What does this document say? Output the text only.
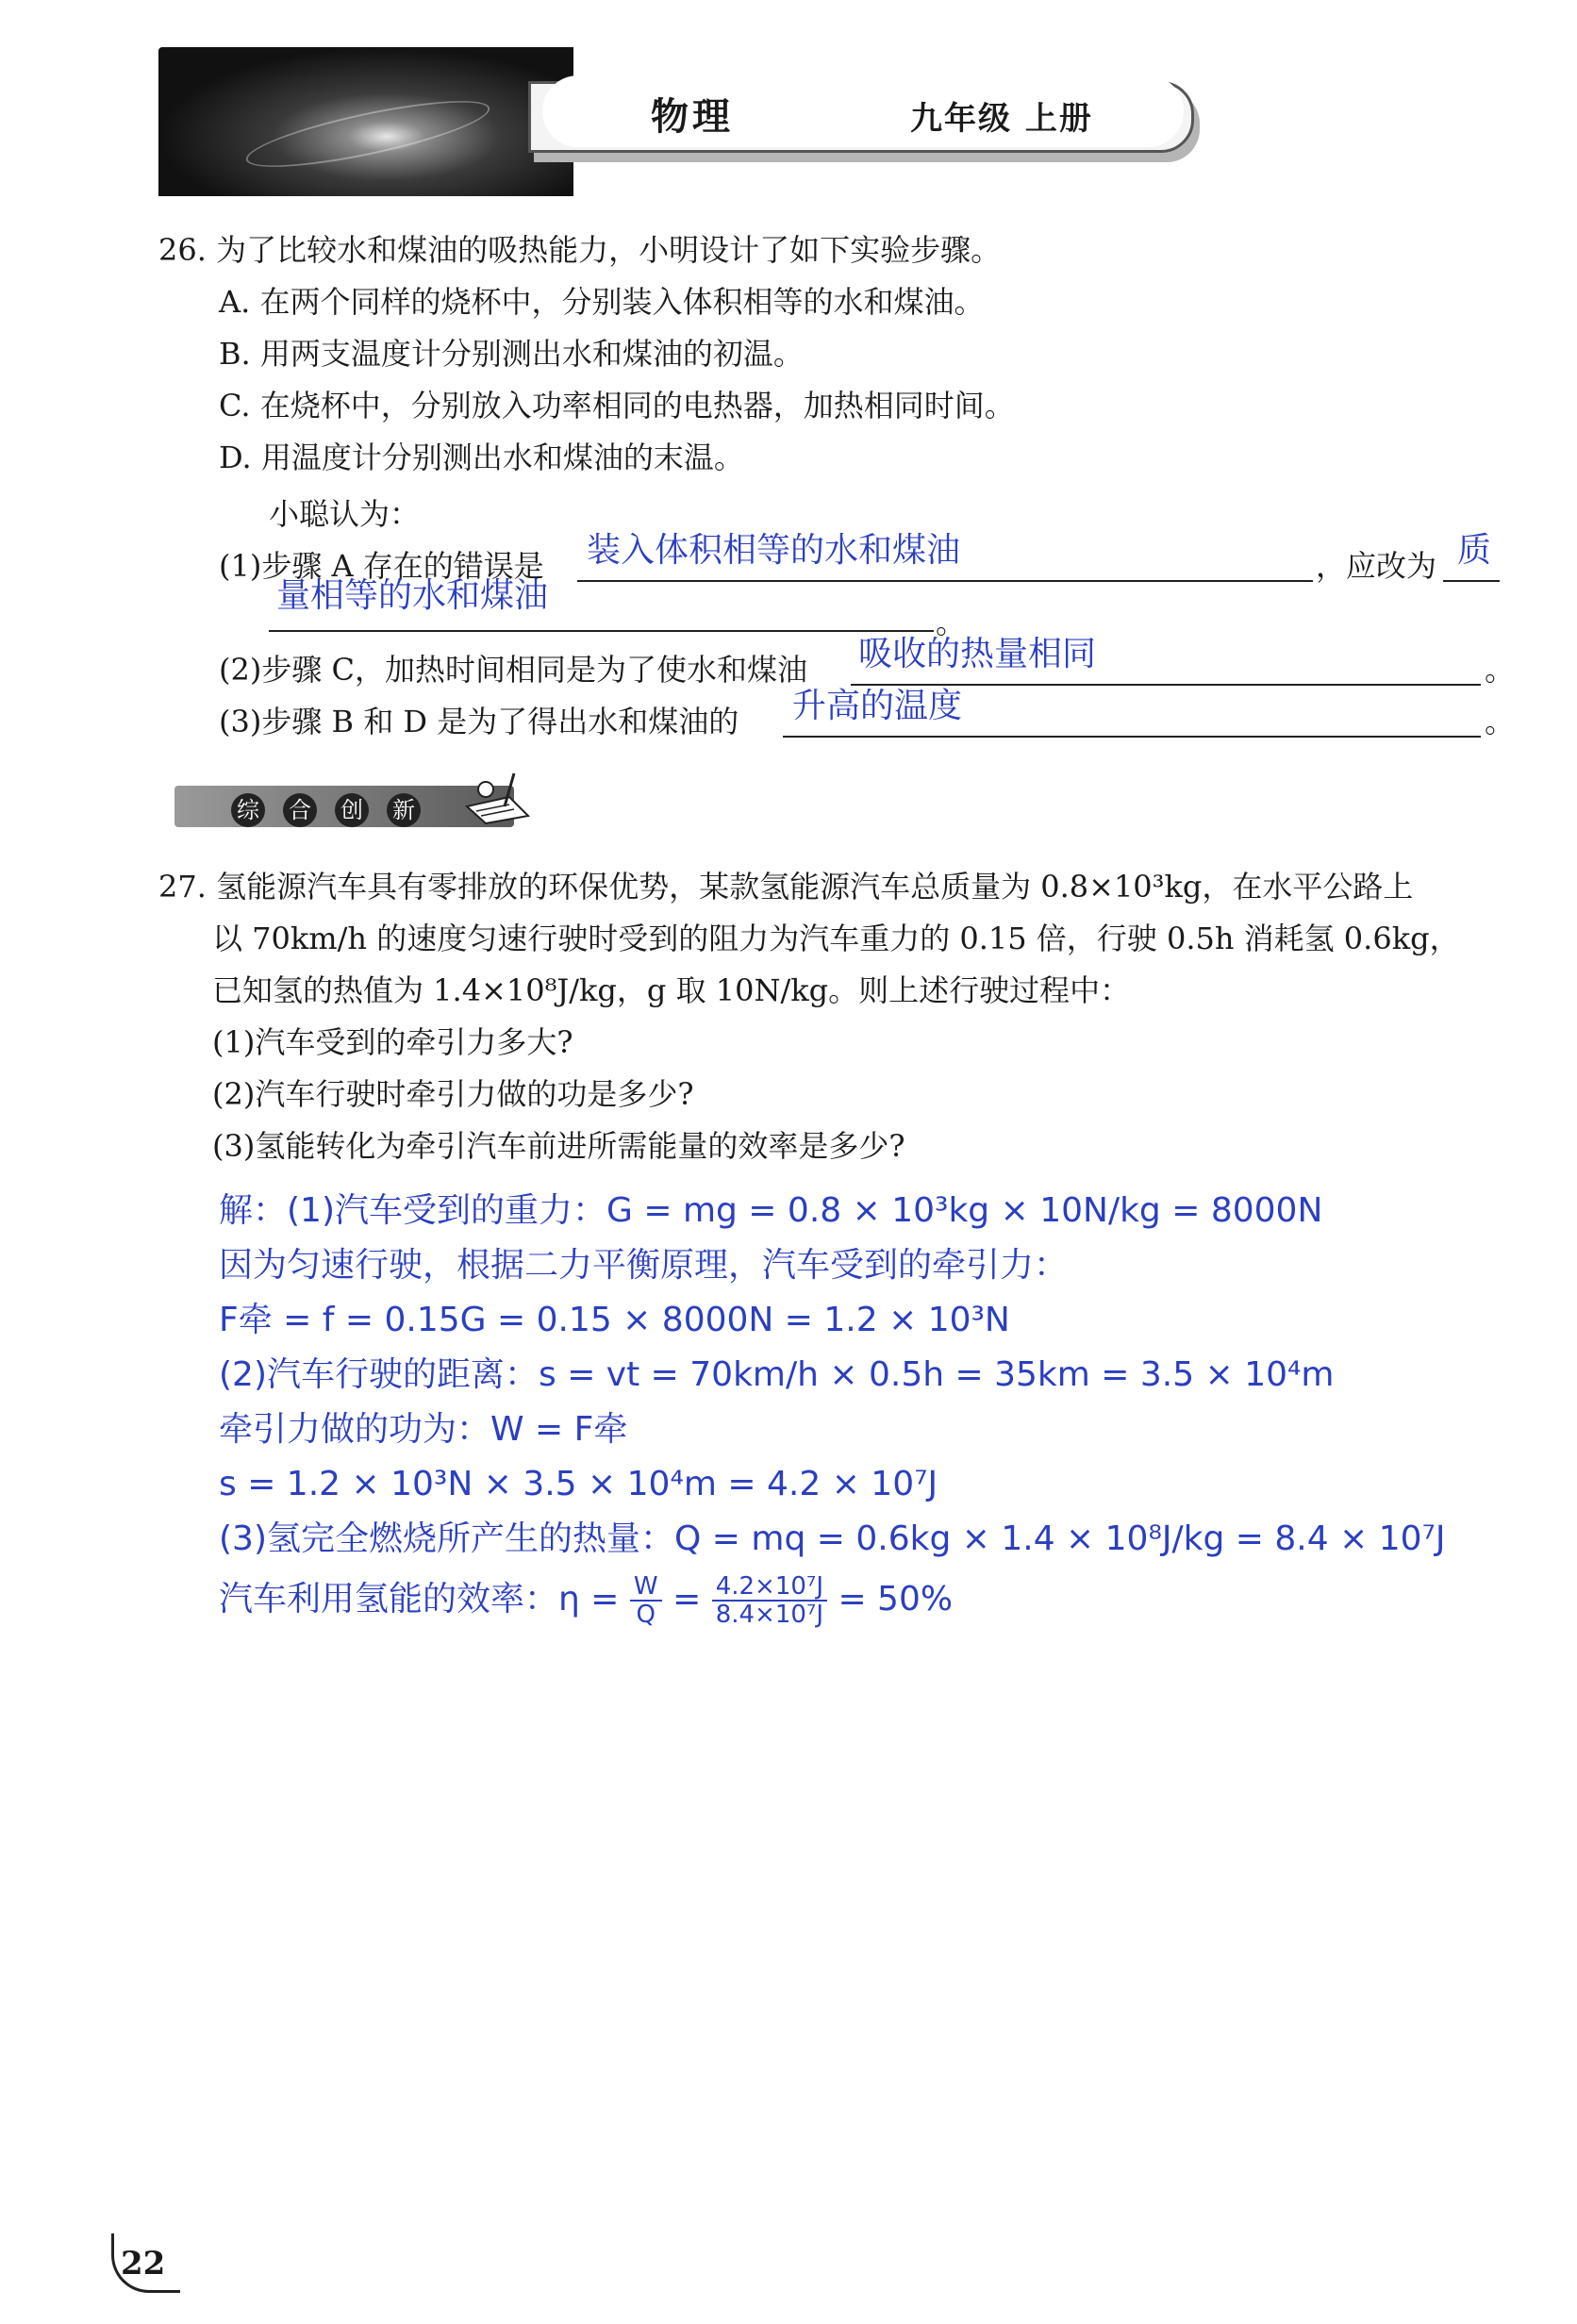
物理	九年级 上册
26. 为了比较水和煤油的吸热能力，小明设计了如下实验步骤。
A. 在两个同样的烧杯中，分别装入体积相等的水和煤油。
B. 用两支温度计分别测出水和煤油的初温。
C. 在烧杯中，分别放入功率相同的电热器，加热相同时间。
D. 用温度计分别测出水和煤油的末温。
小聪认为：
(1)步骤 A 存在的错误是 装入体积相等的水和煤油	，应改为 质
量相等的水和煤油
。
(2)步骤 C，加热时间相同是为了使水和煤油 吸收的热量相同	。
(3)步骤 B 和 D 是为了得出水和煤油的 升高的温度	。
综 合 创 新
27. 氢能源汽车具有零排放的环保优势，某款氢能源汽车总质量为 0.8×10³kg，在水平公路上
以 70km/h 的速度匀速行驶时受到的阻力为汽车重力的 0.15 倍，行驶 0.5h 消耗氢 0.6kg，
已知氢的热值为 1.4×10⁸J/kg，g 取 10N/kg。则上述行驶过程中：
(1)汽车受到的牵引力多大?
(2)汽车行驶时牵引力做的功是多少?
(3)氢能转化为牵引汽车前进所需能量的效率是多少?
解：(1)汽车受到的重力：G = mg = 0.8 × 10³kg × 10N/kg = 8000N
因为匀速行驶，根据二力平衡原理，汽车受到的牵引力：
F牵 = f = 0.15G = 0.15 × 8000N = 1.2 × 10³N
(2)汽车行驶的距离：s = vt = 70km/h × 0.5h = 35km = 3.5 × 10⁴m
牵引力做的功为：W = F牵
s = 1.2 × 10³N × 3.5 × 10⁴m = 4.2 × 10⁷J
(3)氢完全燃烧所产生的热量：Q = mq = 0.6kg × 1.4 × 10⁸J/kg = 8.4 × 10⁷J
汽车利用氢能的效率：$\eta = \frac{W}{Q} = \frac{\text{4.2×10⁷J}}{\text{8.4×10⁷J}} = 50\%$
22
